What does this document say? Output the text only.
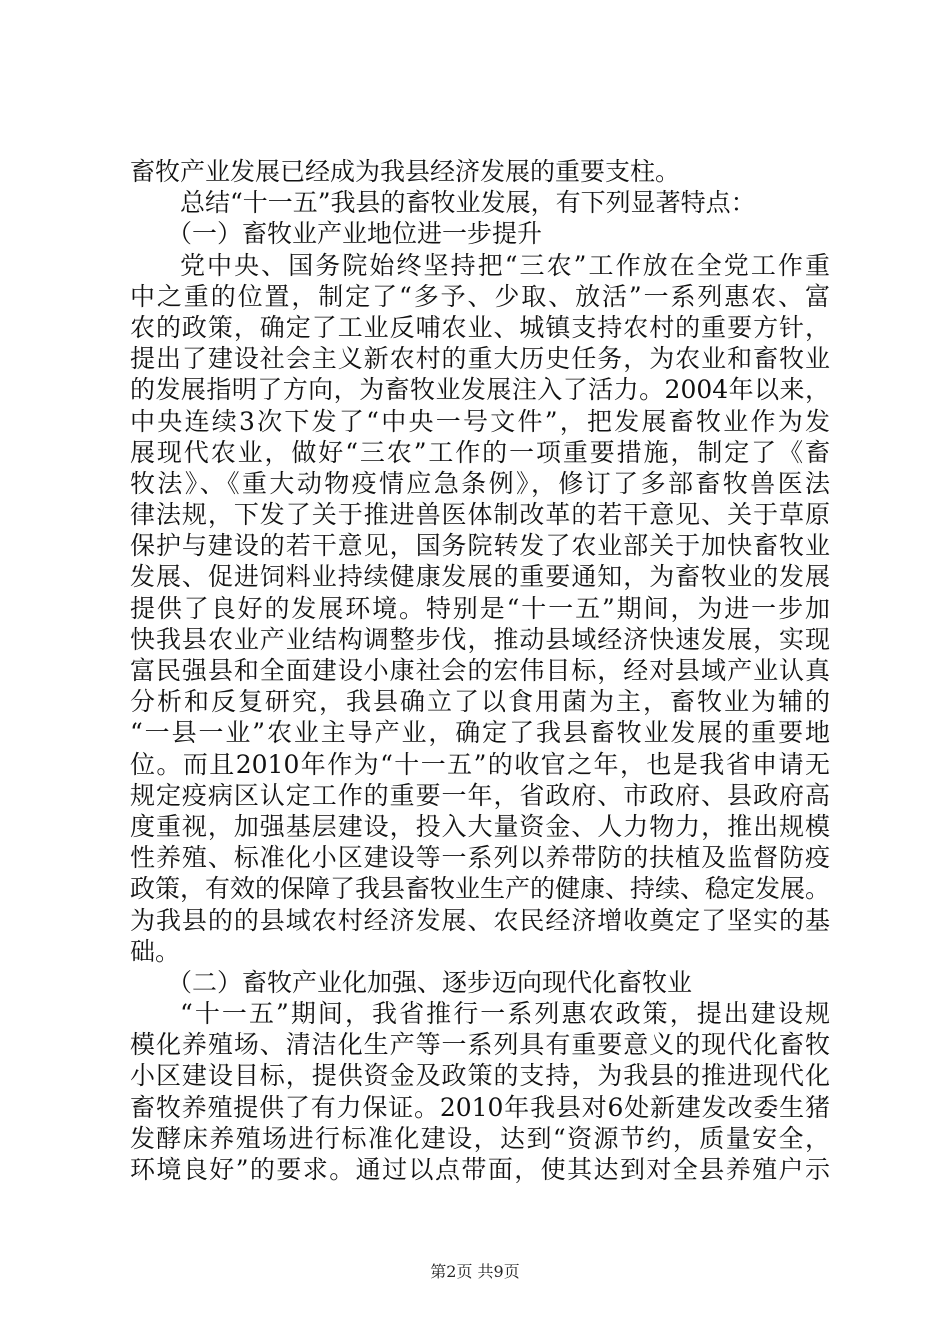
畜牧产业发展已经成为我县经济发展的重要支柱。
总结“十一五”我县的畜牧业发展，有下列显著特点：
（一）畜牧业产业地位进一步提升
党中央、国务院始终坚持把“三农”工作放在全党工作重
中之重的位置，制定了“多予、少取、放活”一系列惠农、富
农的政策，确定了工业反哺农业、城镇支持农村的重要方针，
提出了建设社会主义新农村的重大历史任务，为农业和畜牧业
的发展指明了方向，为畜牧业发展注入了活力。2004年以来，
中央连续3次下发了“中央一号文件”，把发展畜牧业作为发
展现代农业，做好“三农”工作的一项重要措施，制定了《畜
牧法》、《重大动物疫情应急条例》，修订了多部畜牧兽医法
律法规，下发了关于推进兽医体制改革的若干意见、关于草原
保护与建设的若干意见，国务院转发了农业部关于加快畜牧业
发展、促进饲料业持续健康发展的重要通知，为畜牧业的发展
提供了良好的发展环境。特别是“十一五”期间，为进一步加
快我县农业产业结构调整步伐，推动县域经济快速发展，实现
富民强县和全面建设小康社会的宏伟目标，经对县域产业认真
分析和反复研究，我县确立了以食用菌为主，畜牧业为辅的
“一县一业”农业主导产业，确定了我县畜牧业发展的重要地
位。而且2010年作为“十一五”的收官之年，也是我省申请无
规定疫病区认定工作的重要一年，省政府、市政府、县政府高
度重视，加强基层建设，投入大量资金、人力物力，推出规模
性养殖、标准化小区建设等一系列以养带防的扶植及监督防疫
政策，有效的保障了我县畜牧业生产的健康、持续、稳定发展。
为我县的的县域农村经济发展、农民经济增收奠定了坚实的基
础。
（二）畜牧产业化加强、逐步迈向现代化畜牧业
“十一五”期间，我省推行一系列惠农政策，提出建设规
模化养殖场、清洁化生产等一系列具有重要意义的现代化畜牧
小区建设目标，提供资金及政策的支持，为我县的推进现代化
畜牧养殖提供了有力保证。2010年我县对6处新建发改委生猪
发酵床养殖场进行标准化建设，达到“资源节约，质量安全，
环境良好”的要求。通过以点带面，使其达到对全县养殖户示
第2页 共9页
